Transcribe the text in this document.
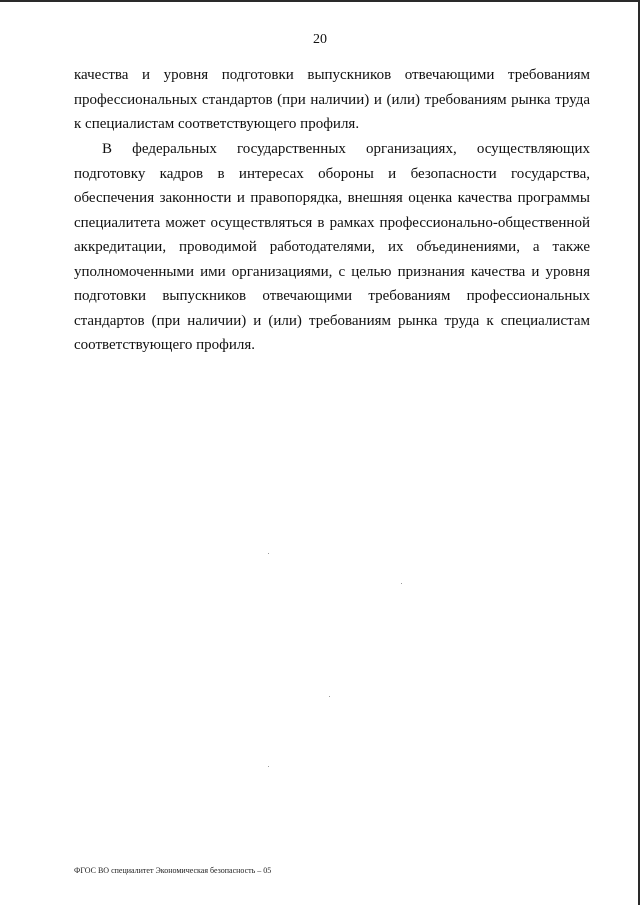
20

качества и уровня подготовки выпускников отвечающими требованиям
профессиональных стандартов (при наличии) и (или) требованиям рынка труда
к специалистам соответствующего профиля.

В федеральных государственных организациях, осуществляющих
подготовку кадров в интересах обороны и безопасности государства,
обеспечения законности и правопорядка, внешняя оценка качества программы
специалитета может осуществляться в рамках профессионально-общественной
аккредитации, проводимой работодателями, их объединениями, а также
уполномоченными ими организациями, с целью признания качества и уровня
подготовки выпускников отвечающими требованиям профессиональных
стандартов (при наличии) и (или) требованиям рынка труда к специалистам
соответствующего профиля.

ФГОС ВО специалитет Экономическая безопасность – 05
